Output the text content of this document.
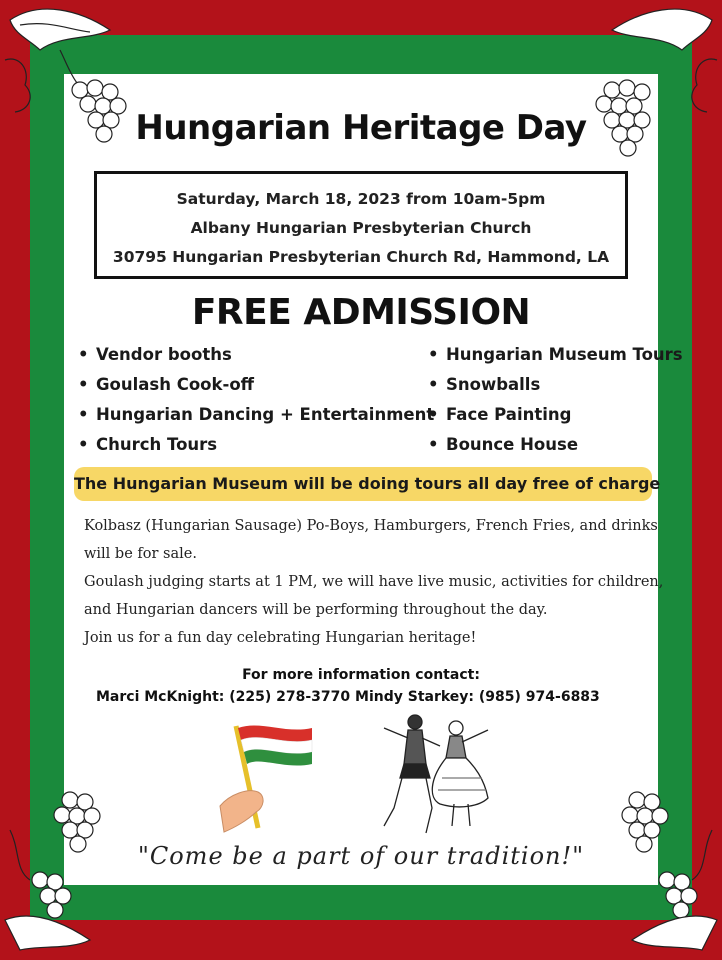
Hungarian Heritage Day
Saturday, March 18, 2023 from 10am-5pm
Albany Hungarian Presbyterian Church
30795 Hungarian Presbyterian Church Rd, Hammond, LA
FREE ADMISSION
• Vendor booths
• Goulash Cook-off
• Hungarian Dancing + Entertainment
• Church Tours
• Hungarian Museum Tours
• Snowballs
• Face Painting
• Bounce House
The Hungarian Museum will be doing tours all day free of charge
Kolbasz (Hungarian Sausage) Po-Boys, Hamburgers, French Fries, and drinks
will be for sale.
Goulash judging starts at 1 PM, we will have live music, activities for children,
and Hungarian dancers will be performing throughout the day.
Join us for a fun day celebrating Hungarian heritage!
For more information contact:
Marci McKnight: (225) 278-3770 Mindy Starkey: (985) 974-6883
"Come be a part of our tradition!"
